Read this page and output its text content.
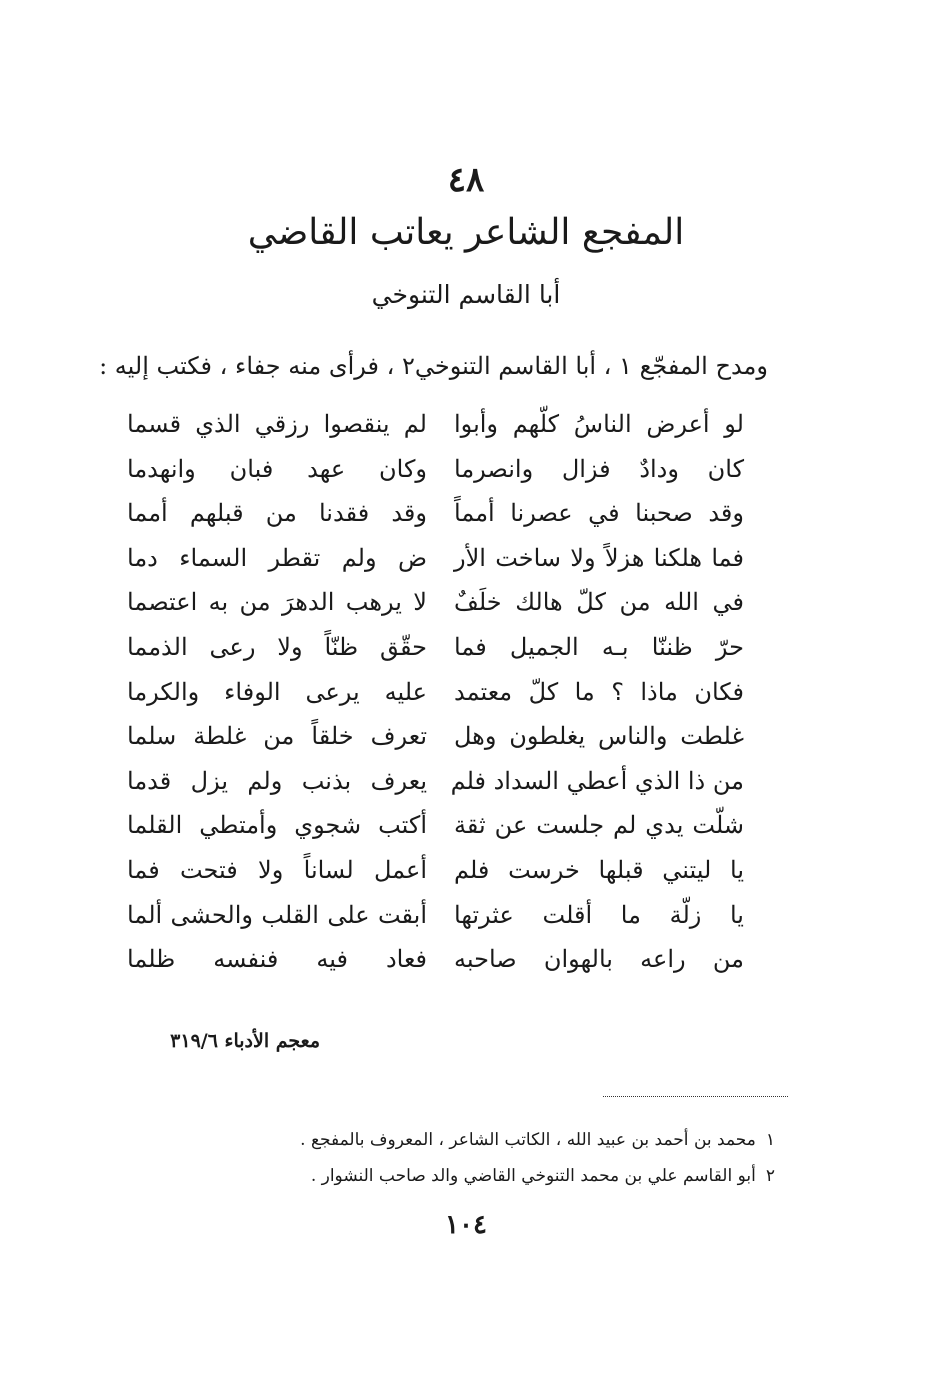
٤٨
المفجع الشاعر يعاتب القاضي
أبا القاسم التنوخي
ومدح المفجّع ١ ، أبا القاسم التنوخي٢ ، فرأى منه جفاء ، فكتب إليه :
لو أعرض الناسُ كلّهم وأبوا
لم ينقصوا رزقي الذي قسما
كان ودادٌ فزال وانصرما
وكان عهد فبان وانهدما
وقد صحبنا في عصرنا أمماً
وقد فقدنا من قبلهم أمما
فما هلكنا هزلاً ولا ساخت الأر
ض ولم تقطر السماء دما
في الله من كلّ هالك خلَفٌ
لا يرهب الدهرَ من به اعتصما
حرّ ظننّا بـه الجميل فما
حقّق ظنّاً ولا رعى الذمما
فكان ماذا ؟ ما كلّ معتمد
عليه يرعى الوفاء والكرما
غلطت والناس يغلطون وهل
تعرف خلقاً من غلطة سلما
من ذا الذي أعطي السداد فلم
يعرف بذنب ولم يزل قدما
شلّت يدي لم جلست عن ثقة
أكتب شجوي وأمتطي القلما
يا ليتني قبلها خرست فلم
أعمل لساناً ولا فتحت فما
يا زلّة ما أقلت عثرتها
أبقت على القلب والحشى ألما
من راعه بالهوان صاحبه
فعاد فيه فنفسه ظلما
معجم الأدباء ٣١٩/٦
١محمد بن أحمد بن عبيد الله ، الكاتب الشاعر ، المعروف بالمفجع .
٢أبو القاسم علي بن محمد التنوخي القاضي والد صاحب النشوار .
١٠٤
